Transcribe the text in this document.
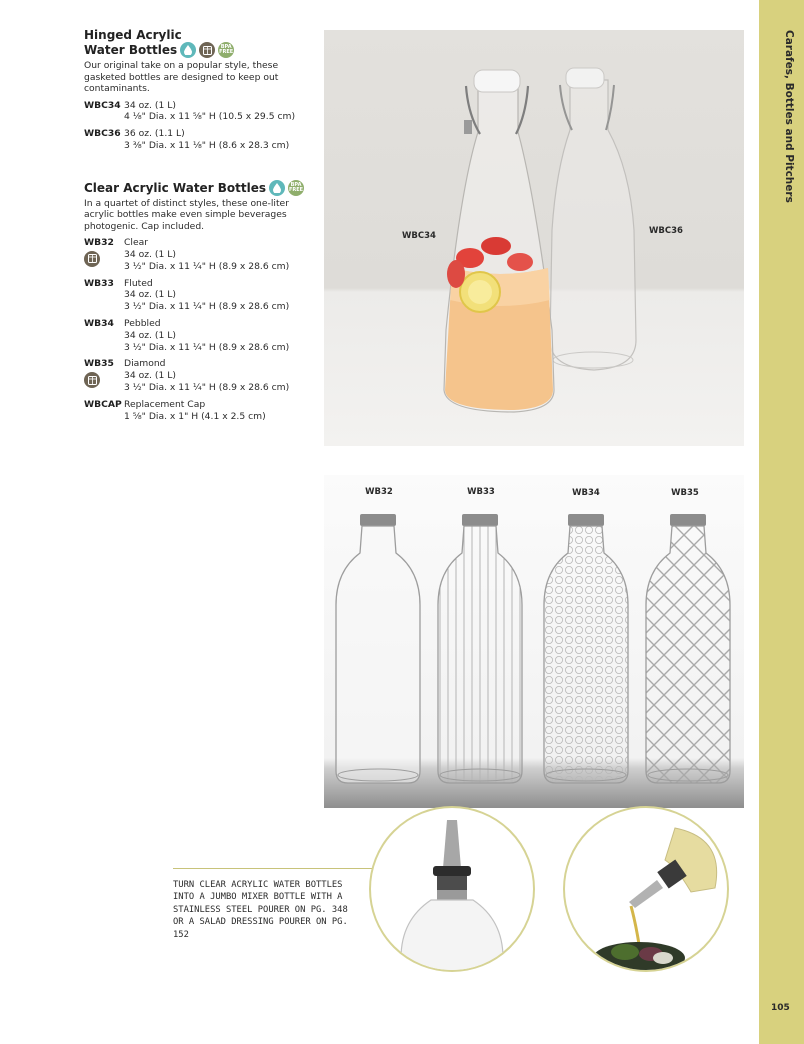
Hinged Acrylic

Water Bottles	BPA FREE
Our original take on a popular style, these gasketed bottles are designed to keep out contaminants.
WBC34 34 oz. (1 L)
4 ⅛" Dia. x 11 ⅝" H (10.5 x 29.5 cm)
WBC36 36 oz. (1.1 L)
3 ⅜" Dia. x 11 ⅛" H (8.6 x 28.3 cm)

Clear Acrylic Water Bottles	BPA FREE
In a quartet of distinct styles, these one-liter acrylic bottles make even simple beverages photogenic. Cap included.
WB32	Clear
34 oz. (1 L)
3 ½" Dia. x 11 ¼" H (8.9 x 28.6 cm)
WB33	Fluted
34 oz. (1 L)
3 ½" Dia. x 11 ¼" H (8.9 x 28.6 cm)
WB34	Pebbled
34 oz. (1 L)
3 ½" Dia. x 11 ¼" H (8.9 x 28.6 cm)
WB35	Diamond
34 oz. (1 L)
3 ½" Dia. x 11 ¼" H (8.9 x 28.6 cm)
WBCAP Replacement Cap
1 ⅝" Dia. x 1" H (4.1 x 2.5 cm)
WBC34	WBC36
WB32	WB33	WB34	WB35
TURN CLEAR ACRYLIC WATER BOTTLES INTO A JUMBO MIXER BOTTLE WITH A STAINLESS STEEL POURER ON PG. 348 OR A SALAD DRESSING POURER ON PG. 152
Carafes, Bottles and Pitchers
105
